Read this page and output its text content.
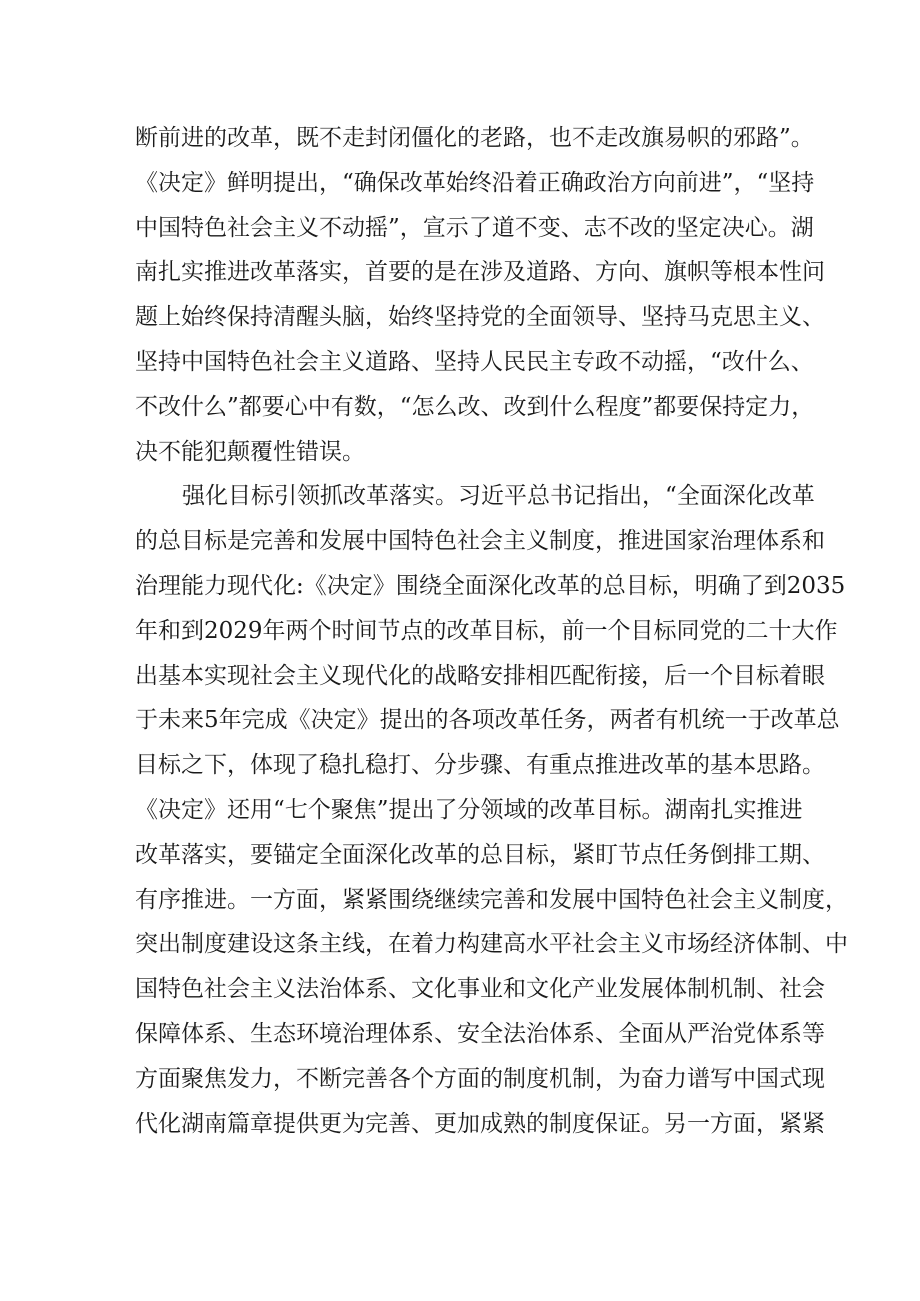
断前进的改革，既不走封闭僵化的老路，也不走改旗易帜的邪路”。
《决定》鲜明提出，“确保改革始终沿着正确政治方向前进”，“坚持
中国特色社会主义不动摇”，宣示了道不变、志不改的坚定决心。湖
南扎实推进改革落实，首要的是在涉及道路、方向、旗帜等根本性问
题上始终保持清醒头脑，始终坚持党的全面领导、坚持马克思主义、
坚持中国特色社会主义道路、坚持人民民主专政不动摇，“改什么、
不改什么”都要心中有数，“怎么改、改到什么程度”都要保持定力，
决不能犯颠覆性错误。
强化目标引领抓改革落实。习近平总书记指出，“全面深化改革
的总目标是完善和发展中国特色社会主义制度，推进国家治理体系和
治理能力现代化:《决定》围绕全面深化改革的总目标，明确了到2035
年和到2029年两个时间节点的改革目标，前一个目标同党的二十大作
出基本实现社会主义现代化的战略安排相匹配衔接，后一个目标着眼
于未来5年完成《决定》提出的各项改革任务，两者有机统一于改革总
目标之下，体现了稳扎稳打、分步骤、有重点推进改革的基本思路。
《决定》还用“七个聚焦”提出了分领域的改革目标。湖南扎实推进
改革落实，要锚定全面深化改革的总目标，紧盯节点任务倒排工期、
有序推进。一方面，紧紧围绕继续完善和发展中国特色社会主义制度，
突出制度建设这条主线，在着力构建高水平社会主义市场经济体制、中
国特色社会主义法治体系、文化事业和文化产业发展体制机制、社会
保障体系、生态环境治理体系、安全法治体系、全面从严治党体系等
方面聚焦发力，不断完善各个方面的制度机制，为奋力谱写中国式现
代化湖南篇章提供更为完善、更加成熟的制度保证。另一方面，紧紧
